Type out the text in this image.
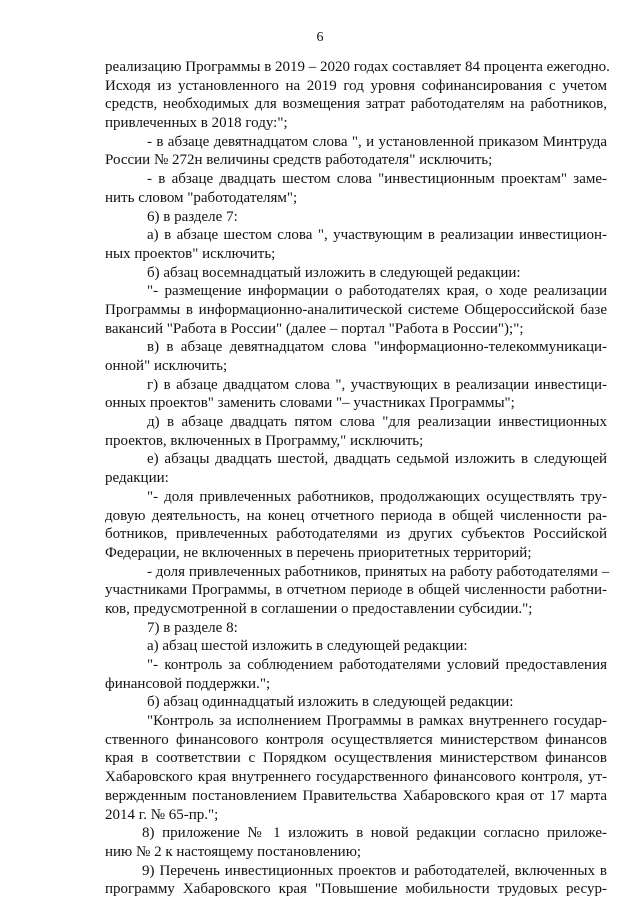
6
реализацию Программы в 2019 – 2020 годах составляет 84 процента ежегодно.
Исходя из установленного на 2019 год уровня софинансирования с учетом
средств, необходимых для возмещения затрат работодателям на работников,
привлеченных в 2018 году:";
- в абзаце девятнадцатом слова ", и установленной приказом Минтруда
России № 272н величины средств работодателя" исключить;
- в абзаце двадцать шестом слова "инвестиционным проектам" заме-
нить словом "работодателям";
6) в разделе 7:
а) в абзаце шестом слова ", участвующим в реализации инвестицион-
ных проектов" исключить;
б) абзац восемнадцатый изложить в следующей редакции:
"- размещение информации о работодателях края, о ходе реализации
Программы в информационно-аналитической системе Общероссийской базе
вакансий "Работа в России" (далее – портал "Работа в России");";
в) в абзаце девятнадцатом слова "информационно-телекоммуникаци-
онной" исключить;
г) в абзаце двадцатом слова ", участвующих в реализации инвестици-
онных проектов" заменить словами "– участниках Программы";
д) в абзаце двадцать пятом слова "для реализации инвестиционных
проектов, включенных в Программу," исключить;
е) абзацы двадцать шестой, двадцать седьмой изложить в следующей
редакции:
"- доля привлеченных работников, продолжающих осуществлять тру-
довую деятельность, на конец отчетного периода в общей численности ра-
ботников, привлеченных работодателями из других субъектов Российской
Федерации, не включенных в перечень приоритетных территорий;
- доля привлеченных работников, принятых на работу работодателями –
участниками Программы, в отчетном периоде в общей численности работни-
ков, предусмотренной в соглашении о предоставлении субсидии.";
7) в разделе 8:
а) абзац шестой изложить в следующей редакции:
"- контроль за соблюдением работодателями условий предоставления
финансовой поддержки.";
б) абзац одиннадцатый изложить в следующей редакции:
"Контроль за исполнением Программы в рамках внутреннего государ-
ственного финансового контроля осуществляется министерством финансов
края в соответствии с Порядком осуществления министерством финансов
Хабаровского края внутреннего государственного финансового контроля, ут-
вержденным постановлением Правительства Хабаровского края от 17 марта
2014 г. № 65-пр.";
8) приложение № 1 изложить в новой редакции согласно приложе-
нию № 2 к настоящему постановлению;
9) Перечень инвестиционных проектов и работодателей, включенных в
программу Хабаровского края "Повышение мобильности трудовых ресур-
